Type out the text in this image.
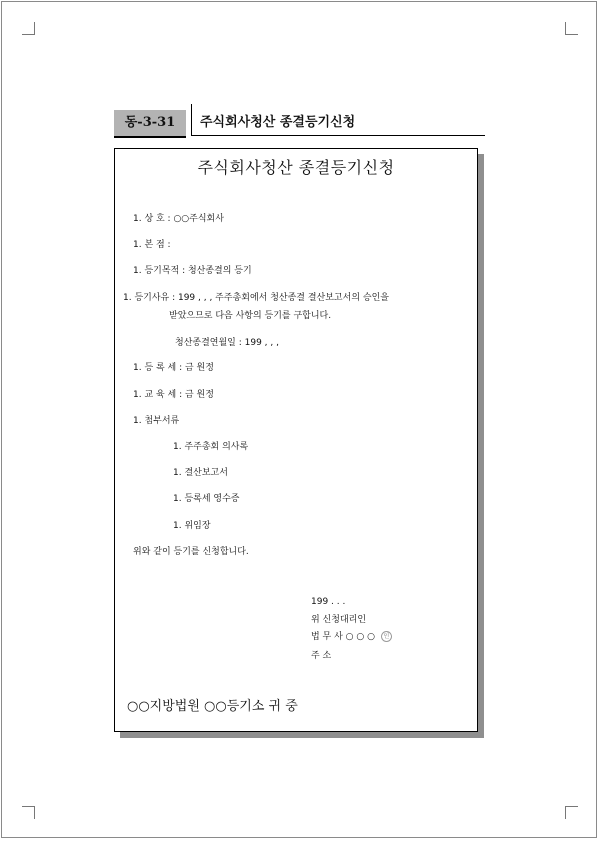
동-3-31	주식회사청산 종결등기신청
주식회사청산 종결등기신청
1. 상 호 : ○○주식회사
1. 본 점 :
1. 등기목적 : 청산종결의 등기
1. 등기사유 : 199 , , , 주주총회에서 청산종결 결산보고서의 승인을
받았으므로 다음 사항의 등기를 구합니다.
청산종결연월일 : 199 , , ,
1. 등 록 세 : 금 원정
1. 교 육 세 : 금 원정
1. 첨부서류
1. 주주총회 의사록
1. 결산보고서
1. 등록세 영수증
1. 위임장
위와 같이 등기를 신청합니다.
199 . . .
위 신청대리인
법 무 사 ○ ○ ○ 인
주 소
○○지방법원 ○○등기소 귀 중
